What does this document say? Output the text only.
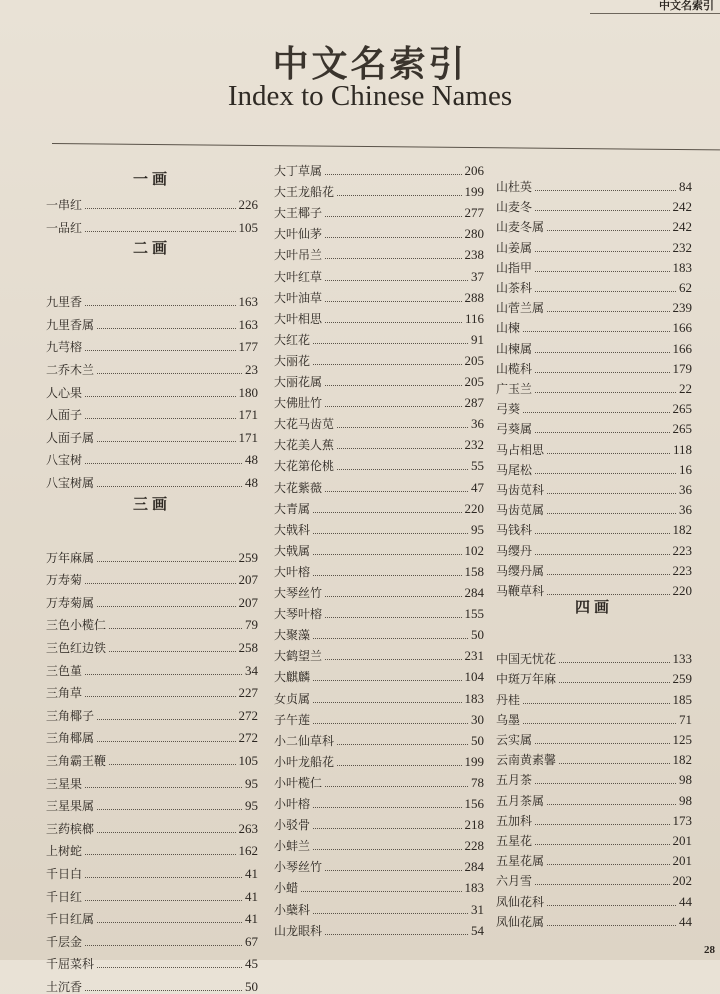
中文名索引
中文名索引
Index to Chinese Names
一画
一串红	226
一品红	105
二画
九里香	163
九里香属	163
九芎榕	177
二乔木兰	23
人心果	180
人面子	171
人面子属	171
八宝树	48
八宝树属	48
三画
万年麻属	259
万寿菊	207
万寿菊属	207
三色小榄仁	79
三色红边铁	258
三色堇	34
三角草	227
三角椰子	272
三角椰属	272
三角霸王鞭	105
三星果	95
三星果属	95
三药槟榔	263
上树蛇	162
千日白	41
千日红	41
千日红属	41
千层金	67
千屈菜科	45
土沉香	50
大丁草属	206
大王龙船花	199
大王椰子	277
大叶仙茅	280
大叶吊兰	238
大叶红草	37
大叶油草	288
大叶相思	116
大红花	91
大丽花	205
大丽花属	205
大佛肚竹	287
大花马齿苋	36
大花美人蕉	232
大花第伦桃	55
大花紫薇	47
大青属	220
大戟科	95
大戟属	102
大叶榕	158
大琴丝竹	284
大琴叶榕	155
大聚藻	50
大鹤望兰	231
大麒麟	104
女贞属	183
子午莲	30
小二仙草科	50
小叶龙船花	199
小叶榄仁	78
小叶榕	156
小驳骨	218
小蚌兰	228
小琴丝竹	284
小蜡	183
小蘖科	31
山龙眼科	54
山杜英	84
山麦冬	242
山麦冬属	242
山姜属	232
山指甲	183
山茶科	62
山菅兰属	239
山楝	166
山楝属	166
山榄科	179
广玉兰	22
弓葵	265
弓葵属	265
马占相思	118
马尾松	16
马齿苋科	36
马齿苋属	36
马钱科	182
马缨丹	223
马缨丹属	223
马鞭草科	220
四画
中国无忧花	133
中斑万年麻	259
丹桂	185
乌墨	71
云实属	125
云南黄素馨	182
五月茶	98
五月茶属	98
五加科	173
五星花	201
五星花属	201
六月雪	202
凤仙花科	44
凤仙花属	44
28
